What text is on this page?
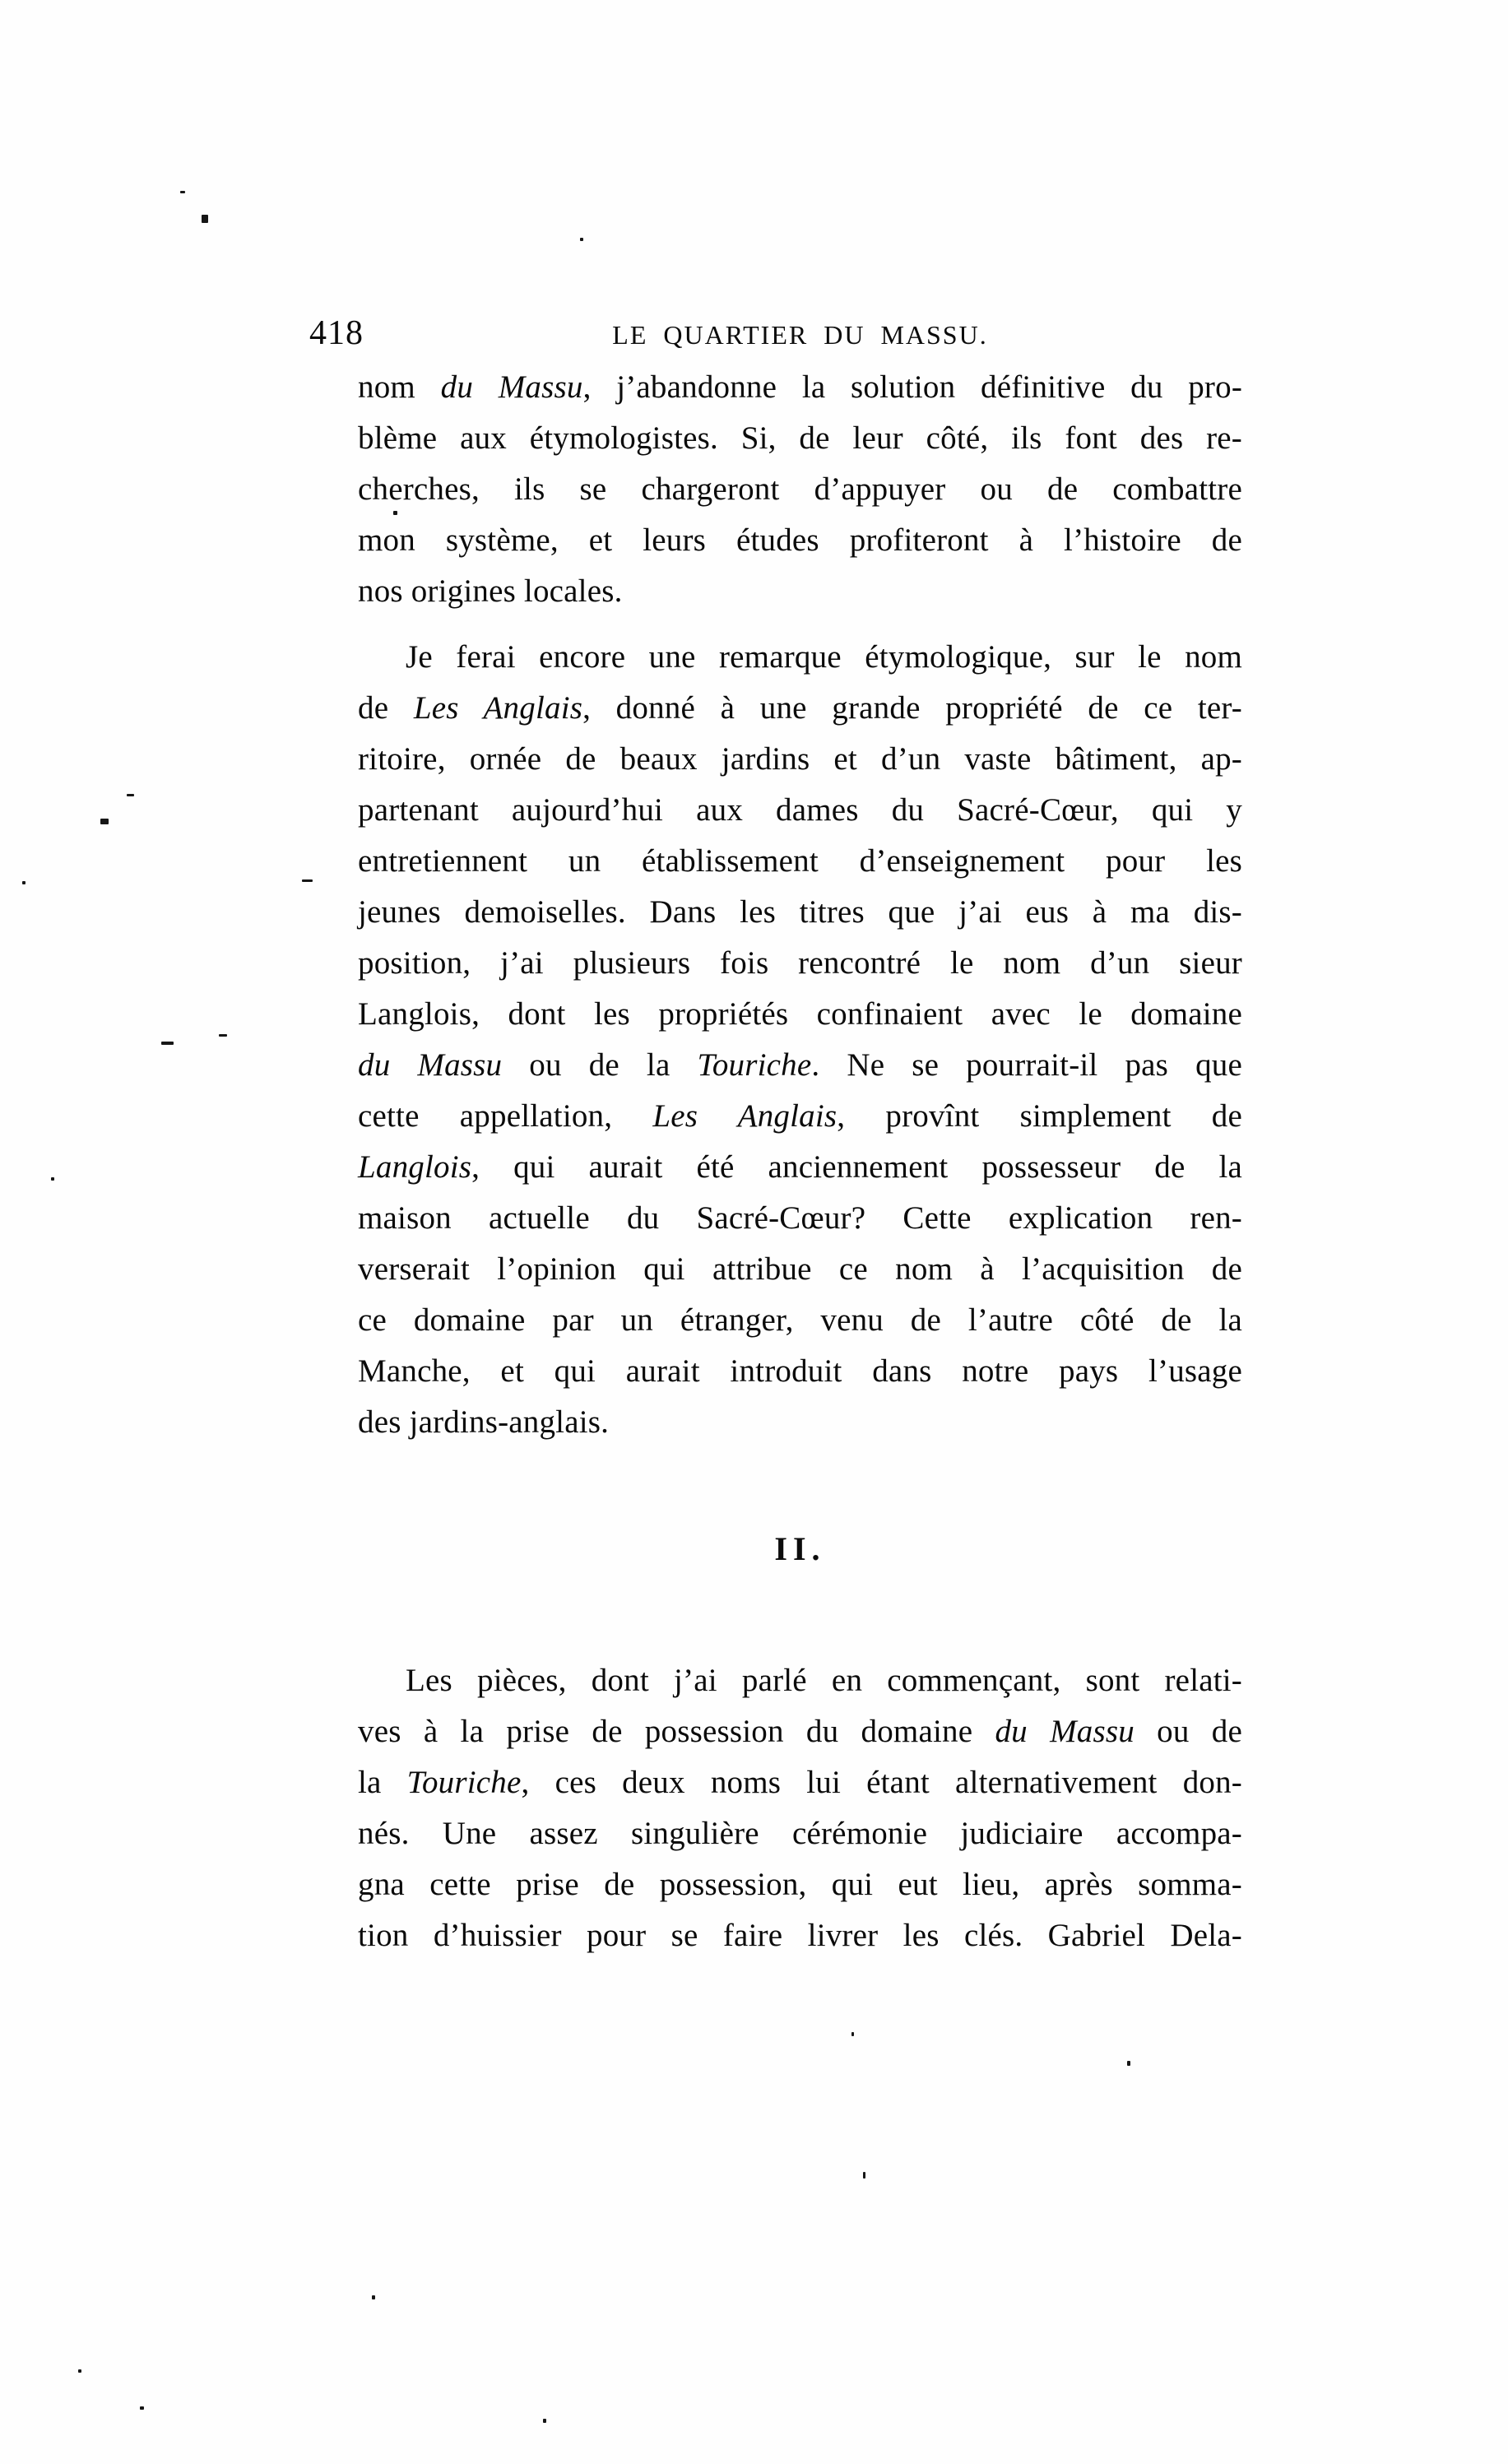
418	LE QUARTIER DU MASSU.
nom du Massu, j’abandonne la solution définitive du pro-
blème aux étymologistes. Si, de leur côté, ils font des re-
cherches, ils se chargeront d’appuyer ou de combattre
mon système, et leurs études profiteront à l’histoire de
nos origines locales.
Je ferai encore une remarque étymologique, sur le nom
de Les Anglais, donné à une grande propriété de ce ter-
ritoire, ornée de beaux jardins et d’un vaste bâtiment, ap-
partenant aujourd’hui aux dames du Sacré-Cœur, qui y
entretiennent un établissement d’enseignement pour les
jeunes demoiselles. Dans les titres que j’ai eus à ma dis-
position, j’ai plusieurs fois rencontré le nom d’un sieur
Langlois, dont les propriétés confinaient avec le domaine
du Massu ou de la Touriche. Ne se pourrait-il pas que
cette appellation, Les Anglais, provînt simplement de
Langlois, qui aurait été anciennement possesseur de la
maison actuelle du Sacré-Cœur? Cette explication ren-
verserait l’opinion qui attribue ce nom à l’acquisition de
ce domaine par un étranger, venu de l’autre côté de la
Manche, et qui aurait introduit dans notre pays l’usage
des jardins-anglais.
II.
Les pièces, dont j’ai parlé en commençant, sont relati-
ves à la prise de possession du domaine du Massu ou de
la Touriche, ces deux noms lui étant alternativement don-
nés. Une assez singulière cérémonie judiciaire accompa-
gna cette prise de possession, qui eut lieu, après somma-
tion d’huissier pour se faire livrer les clés. Gabriel Dela-
